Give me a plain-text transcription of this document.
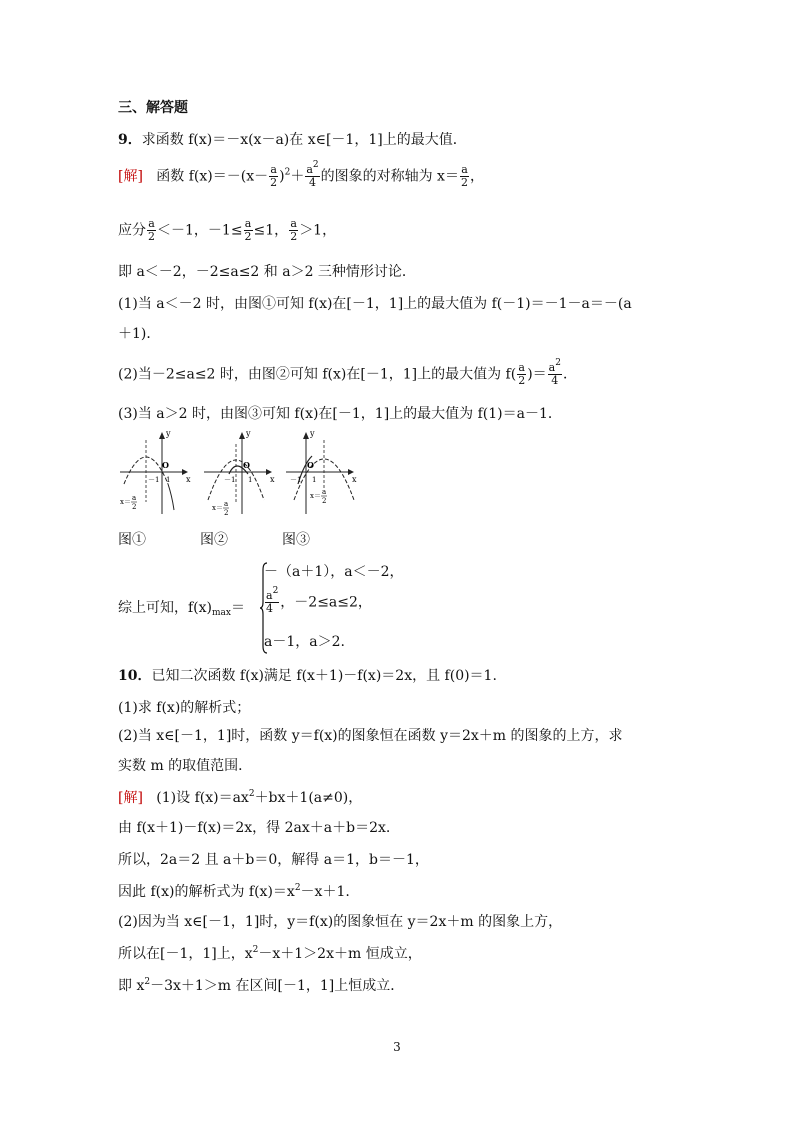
三、解答题
9．求函数 f(x)＝－x(x－a)在 x∈[－1，1]上的最大值．
[解] 函数 $f(x)=-(x- \frac{a}{2} )^2+ \frac{a^2}{4}$ 的图象的对称轴为 $x= \frac{a}{2}$ ，
应分 $\frac{a}{2} <-1$，$-1\le \frac{a}{2} \le 1$， $\frac{a}{2} >1$，
即 a＜－2，－2≤a≤2 和 a＞2 三种情形讨论．
(1)当 a＜－2 时，由图①可知 f(x)在[－1，1]上的最大值为 f(－1)＝－1－a＝－(a
＋1)．
(2)当－2≤a≤2 时，由图②可知 f(x)在[－1，1]上的最大值为 $f( \frac{a}{2}$ )＝ $\frac{a^2}{4}$ ．
(3)当 a＞2 时，由图③可知 f(x)在[－1，1]上的最大值为 f(1)＝a－1．
y
x
O
－1 1
x＝ a
2
y
x
O
－1 1
x＝ a
2
y
x
O
－1 1
x＝ a
2
图①	图②	图③
综上可知，$f(x)_{max}=$
－（a＋1），a＜－2，
$\frac{a^2}{4}$ ，－2≤a≤2，
a－1，a＞2.
10．已知二次函数 f(x)满足 f(x＋1)－f(x)＝2x，且 f(0)＝1.
(1)求 f(x)的解析式；
(2)当 x∈[－1，1]时，函数 y＝f(x)的图象恒在函数 y＝2x＋m 的图象的上方，求
实数 m 的取值范围．
[解] (1)设 $f(x)=ax^2+bx+1(a\ne 0)$，
由 f(x＋1)－f(x)＝2x，得 2ax＋a＋b＝2x.
所以，2a＝2 且 a＋b＝0，解得 a＝1，b＝－1，
因此 f(x)的解析式为 $f(x)=x^2-x+1$.
(2)因为当 x∈[－1，1]时，y＝f(x)的图象恒在 y＝2x＋m 的图象上方，
所以在[－1，1]上，$x^2-x+1>2x+m$ 恒成立，
即 $x^2-3x+1>m$ 在区间[－1，1]上恒成立．
3
